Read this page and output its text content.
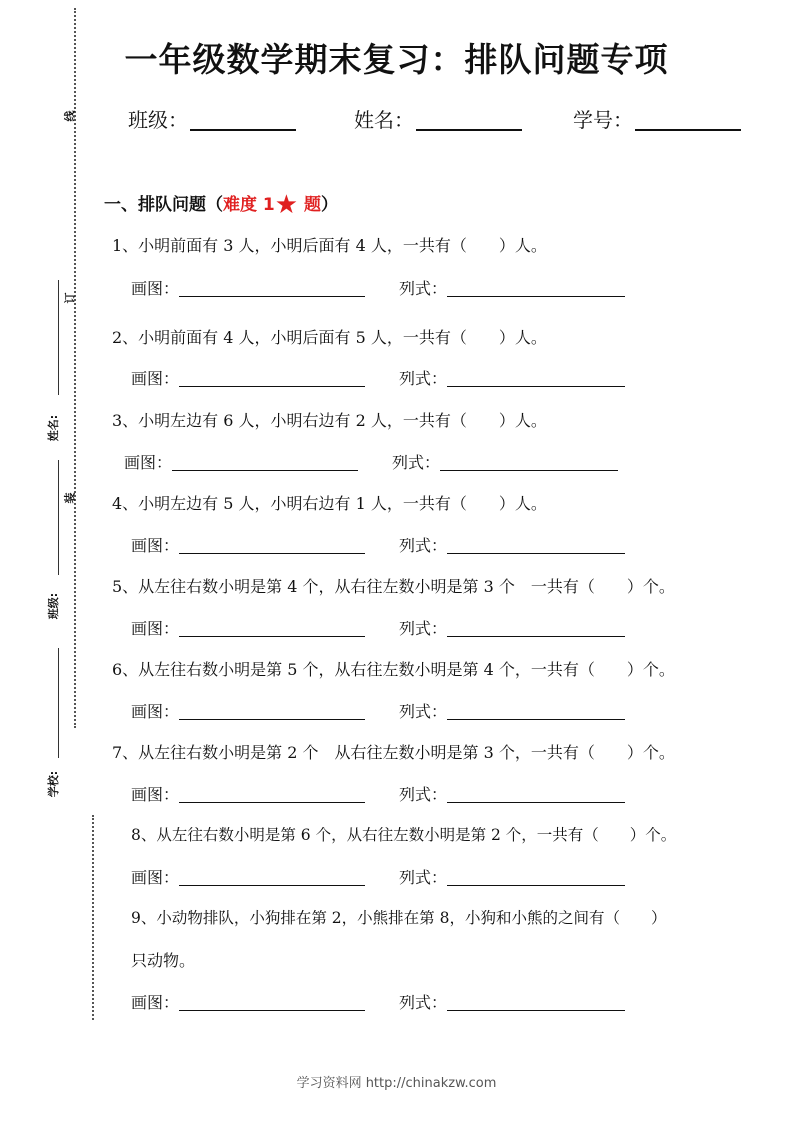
线
订
装
姓名:
班级:
学校:
一年级数学期末复习：排队问题专项
班级：	姓名：	学号：
一、排队问题（难度 1★ 题）
1、小明前面有 3 人，小明后面有 4 人，一共有（　　）人。
画图：	列式：
2、小明前面有 4 人，小明后面有 5 人，一共有（　　）人。
画图：	列式：
3、小明左边有 6 人，小明右边有 2 人，一共有（　　）人。
画图：	列式：
4、小明左边有 5 人，小明右边有 1 人，一共有（　　）人。
画图：	列式：
5、从左往右数小明是第 4 个，从右往左数小明是第 3 个　一共有（　　）个。
画图：	列式：
6、从左往右数小明是第 5 个，从右往左数小明是第 4 个，一共有（　　）个。
画图：	列式：
7、从左往右数小明是第 2 个　从右往左数小明是第 3 个，一共有（　　）个。
画图：	列式：
8、从左往右数小明是第 6 个，从右往左数小明是第 2 个，一共有（　　）个。
画图：	列式：
9、小动物排队，小狗排在第 2，小熊排在第 8，小狗和小熊的之间有（　　）
只动物。
画图：	列式：
学习资料网 http://chinakzw.com
